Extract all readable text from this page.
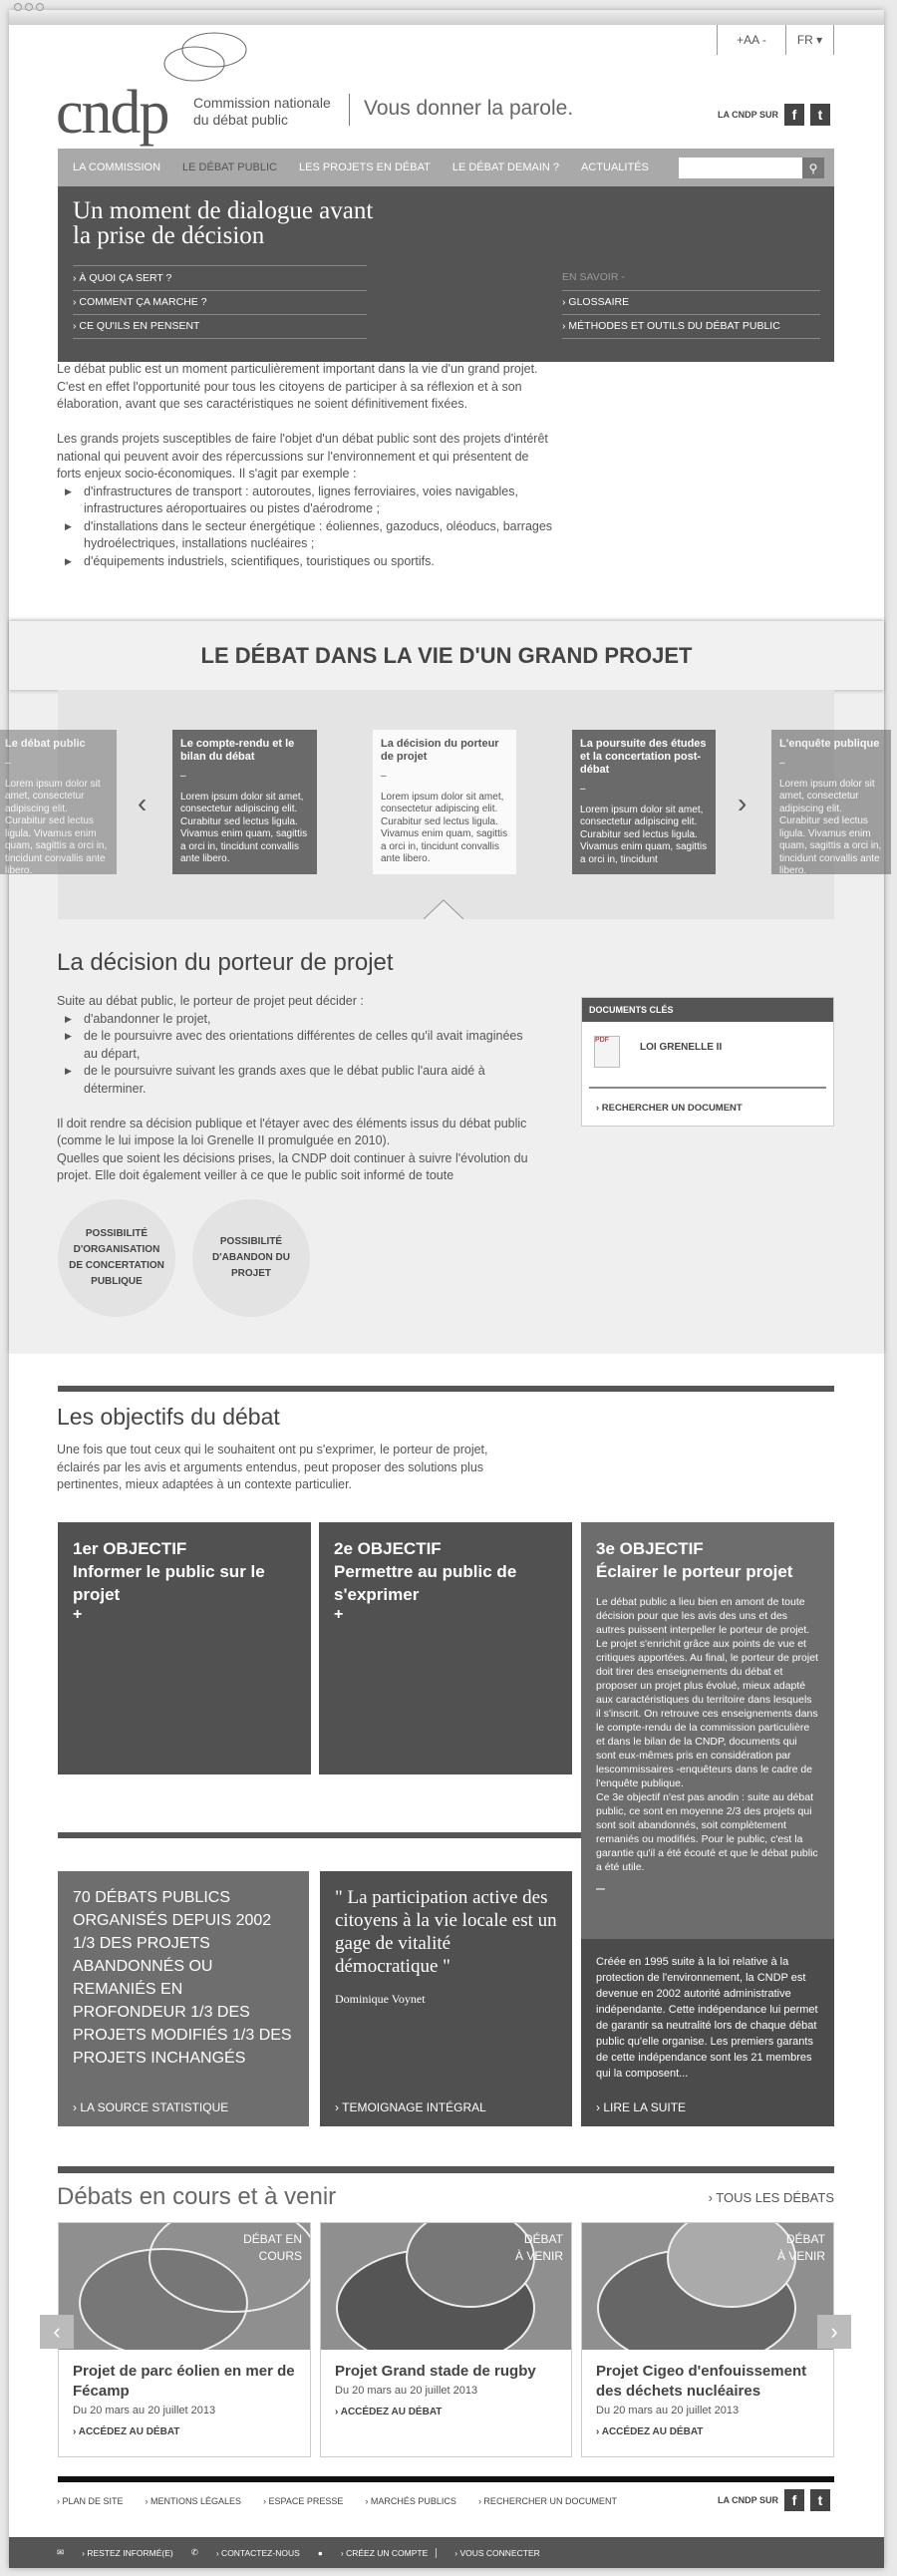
+AA -	FR ▾
cndp Commission nationale
du débat public	Vous donner la parole.	LA CNDP SUR f	t
LA COMMISSION LE DÉBAT PUBLIC LES PROJETS EN DÉBAT LE DÉBAT DEMAIN ? ACTUALITÉS	⚲
Un moment de dialogue avant
la prise de décision
› À QUOI ÇA SERT ?
› COMMENT ÇA MARCHE ?
› CE QU'ILS EN PENSENT
EN SAVOIR -
› GLOSSAIRE
› MÉTHODES ET OUTILS DU DÉBAT PUBLIC

Le débat public est un moment particulièrement important dans la vie d'un grand projet. C'est en effet l'opportunité pour tous les citoyens de participer à sa réflexion et à son élaboration, avant que ses caractéristiques ne soient définitivement fixées.

Les grands projets susceptibles de faire l'objet d'un débat public sont des projets d'intérêt national qui peuvent avoir des répercussions sur l'environnement et qui présentent de forts enjeux socio-économiques. Il s'agit par exemple :

▶ d'infrastructures de transport : autoroutes, lignes ferroviaires, voies navigables, infrastructures aéroportuaires ou pistes d'aérodrome ;
▶ d'installations dans le secteur énergétique : éoliennes, gazoducs, oléoducs, barrages hydroélectriques, installations nucléaires ;
▶ d'équipements industriels, scientifiques, touristiques ou sportifs.
LE DÉBAT DANS LA VIE D'UN GRAND PROJET
Le débat public
–
Lorem ipsum dolor sit amet, consectetur adipiscing elit. Curabitur sed lectus ligula. Vivamus enim quam, sagittis a orci in, tincidunt convallis ante libero.
Le compte-rendu et le bilan du débat
–
Lorem ipsum dolor sit amet, consectetur adipiscing elit. Curabitur sed lectus ligula. Vivamus enim quam, sagittis a orci in, tincidunt convallis ante libero.
La décision du porteur de projet
–
Lorem ipsum dolor sit amet, consectetur adipiscing elit. Curabitur sed lectus ligula. Vivamus enim quam, sagittis a orci in, tincidunt convallis ante libero.
La poursuite des études et la concertation post-débat
–
Lorem ipsum dolor sit amet, consectetur adipiscing elit. Curabitur sed lectus ligula. Vivamus enim quam, sagittis a orci in, tincidunt
L'enquête publique
–
Lorem ipsum dolor sit amet, consectetur adipiscing elit. Curabitur sed lectus ligula. Vivamus enim quam, sagittis a orci in, tincidunt convallis ante libero.
‹	›
La décision du porteur de projet

Suite au débat public, le porteur de projet peut décider :

▶ d'abandonner le projet,
▶ de le poursuivre avec des orientations différentes de celles qu'il avait imaginées au départ,
▶ de le poursuivre suivant les grands axes que le débat public l'aura aidé à déterminer.

Il doit rendre sa décision publique et l'étayer avec des éléments issus du débat public (comme le lui impose la loi Grenelle II promulguée en 2010).

Quelles que soient les décisions prises, la CNDP doit continuer à suivre l'évolution du projet. Elle doit également veiller à ce que le public soit informé de toute

POSSIBILITÉ D'ORGANISATION DE CONCERTATION PUBLIQUE
POSSIBILITÉ D'ABANDON DU PROJET
DOCUMENTS CLÉS
PDF
LOI GRENELLE II
› RECHERCHER UN DOCUMENT
Les objectifs du débat
Une fois que tout ceux qui le souhaitent ont pu s'exprimer, le porteur de projet, éclairés par les avis et arguments entendus, peut proposer des solutions plus pertinentes, mieux adaptées à un contexte particulier.
1er OBJECTIF
Informer le public sur le projet
+
2e OBJECTIF
Permettre au public de s'exprimer
+
3e OBJECTIF
Éclairer le porteur projet

Le débat public a lieu bien en amont de toute décision pour que les avis des uns et des autres puissent interpeller le porteur de projet. Le projet s'enrichit grâce aux points de vue et critiques apportées. Au final, le porteur de projet doit tirer des enseignements du débat et proposer un projet plus évolué, mieux adapté aux caractéristiques du territoire dans lesquels il s'inscrit. On retrouve ces enseignements dans le compte-rendu de la commission particulière et dans le bilan de la CNDP, documents qui sont eux-mêmes pris en considération par lescommissaires -enquêteurs dans le cadre de l'enquête publique.

Ce 3e objectif n'est pas anodin : suite au débat public, ce sont en moyenne 2/3 des projets qui sont soit abandonnés, soit complètement remaniés ou modifiés. Pour le public, c'est la garantie qu'il a été écouté et que le débat public a été utile.

–
70 DÉBATS PUBLICS ORGANISÉS DEPUIS 2002 1/3 DES PROJETS ABANDONNÉS OU REMANIÉS EN PROFONDEUR 1/3 DES PROJETS MODIFIÉS 1/3 DES PROJETS INCHANGÉS
› LA SOURCE STATISTIQUE
" La participation active des citoyens à la vie locale est un gage de vitalité démocratique "
Dominique Voynet
› TEMOIGNAGE INTÉGRAL
Créée en 1995 suite à la loi relative à la protection de l'environnement, la CNDP est devenue en 2002 autorité administrative indépendante. Cette indépendance lui permet de garantir sa neutralité lors de chaque débat public qu'elle organise. Les premiers garants de cette indépendance sont les 21 membres qui la composent...
› LIRE LA SUITE
Débats en cours et à venir	› TOUS LES DÉBATS
DÉBAT EN COURS
Projet de parc éolien en mer de Fécamp
Du 20 mars au 20 juillet 2013
› ACCÉDEZ AU DÉBAT
DÉBAT À VENIR
Projet Grand stade de rugby
Du 20 mars au 20 juillet 2013
› ACCÉDEZ AU DÉBAT
DÉBAT À VENIR
Projet Cigeo d'enfouissement des déchets nucléaires
Du 20 mars au 20 juillet 2013
› ACCÉDEZ AU DÉBAT
‹	›
› PLAN DE SITE › MENTIONS LÉGALES › ESPACE PRESSE › MARCHÉS PUBLICS › RECHERCHER UN DOCUMENT	LA CNDP SUR f	t
✉ › RESTEZ INFORMÉ(E) ✆ › CONTACTEZ-NOUS ● › CRÉEZ UN COMPTE	› VOUS CONNECTER
